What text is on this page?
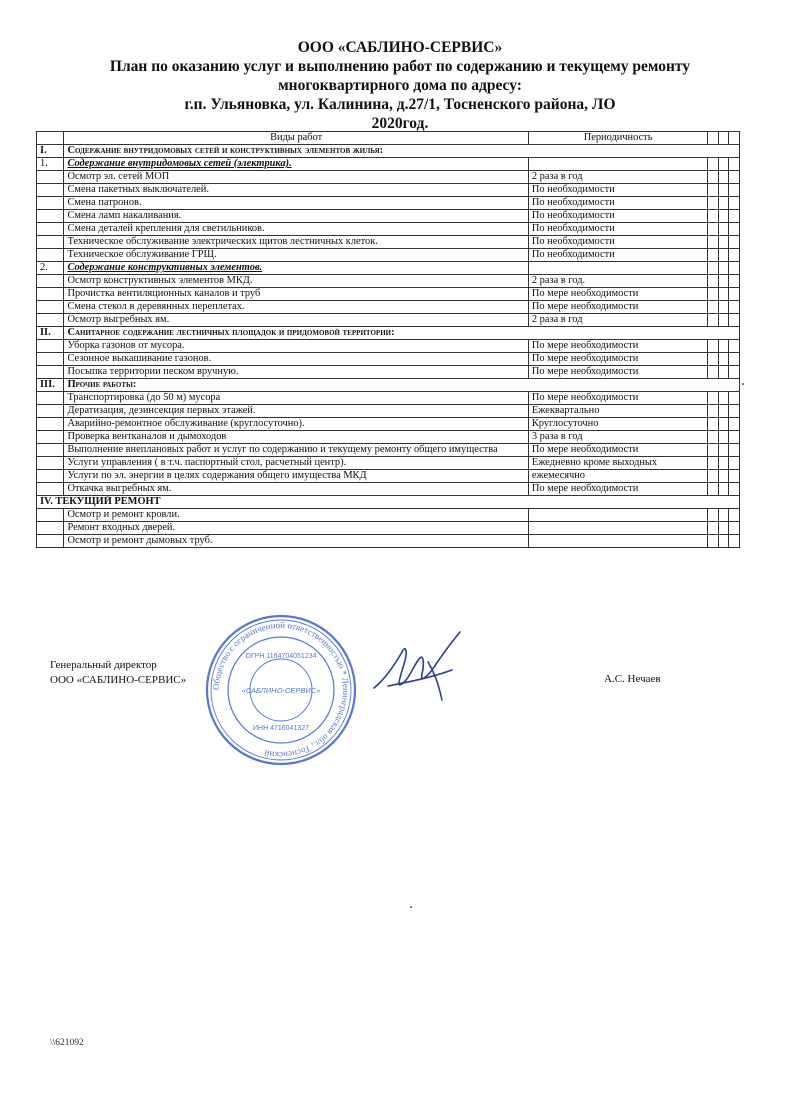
ООО «САБЛИНО-СЕРВИС»
План по оказанию услуг и выполнению работ по содержанию и текущему ремонту
многоквартирного дома по адресу:
г.п. Ульяновка, ул. Калинина, д.27/1, Тосненского района, ЛО
2020год.
	Виды работ	Периодичность			
I.	Содержание внутридомовых сетей и конструктивных элементов жилья:				
1.	Содержание внутридомовых сетей (электрика).				
	Осмотр эл. сетей МОП	2 раза в год			
	Смена пакетных выключателей.	По необходимости			
	Смена патронов.	По необходимости			
	Смена ламп накаливания.	По необходимости			
	Смена деталей крепления для светильников.	По необходимости			
	Техническое обслуживание электрических щитов лестничных клеток.	По необходимости			
	Техническое обслуживание ГРЩ.	По необходимости			
2.	Содержание конструктивных элементов.				
	Осмотр конструктивных элементов МКД.	2 раза в год.			
	Прочистка вентиляционных каналов и труб	По мере необходимости			
	Смена стекол в деревянных переплетах.	По мере необходимости			
	Осмотр выгребных ям.	2 раза в год			
II.	Санитарное содержание лестничных площадок и придомовой территории:				
	Уборка газонов от мусора.	По мере необходимости			
	Сезонное выкашивание газонов.	По мере необходимости			
	Посыпка территории песком вручную.	По мере необходимости			
III.	Прочие работы:				
	Транспортировка (до 50 м) мусора	По мере необходимости			
	Дератизация, дезинсекция первых этажей.	Ежеквартально			
	Аварийно-ремонтное обслуживание (круглосуточно).	Круглосуточно			
	Проверка вентканалов и дымоходов	3 раза в год			
	Выполнение внеплановых работ и услуг по содержанию и текущему ремонту общего имущества	По мере необходимости			
	Услуги управления ( в т.ч. паспортный стол, расчетный центр).	Ежедневно кроме выходных			
	Услуги по эл. энергии в целях содержания общего имущества МКД	ежемесячно			
	Откачка выгребных ям.	По мере необходимости			
IV. ТЕКУЩИЙ РЕМОНТ					
	Осмотр и ремонт кровли.				
	Ремонт входных дверей.				
	Осмотр и ремонт дымовых труб.				
Генеральный директор
ООО «САБЛИНО-СЕРВИС»	А.С. Нечаев
Общество с ограниченной ответственностью * Ленинградская обл., Тосненский
ОГРН 1164704051234
«САБЛИНО-СЕРВИС»
ИНН 4716041327
\\621092
